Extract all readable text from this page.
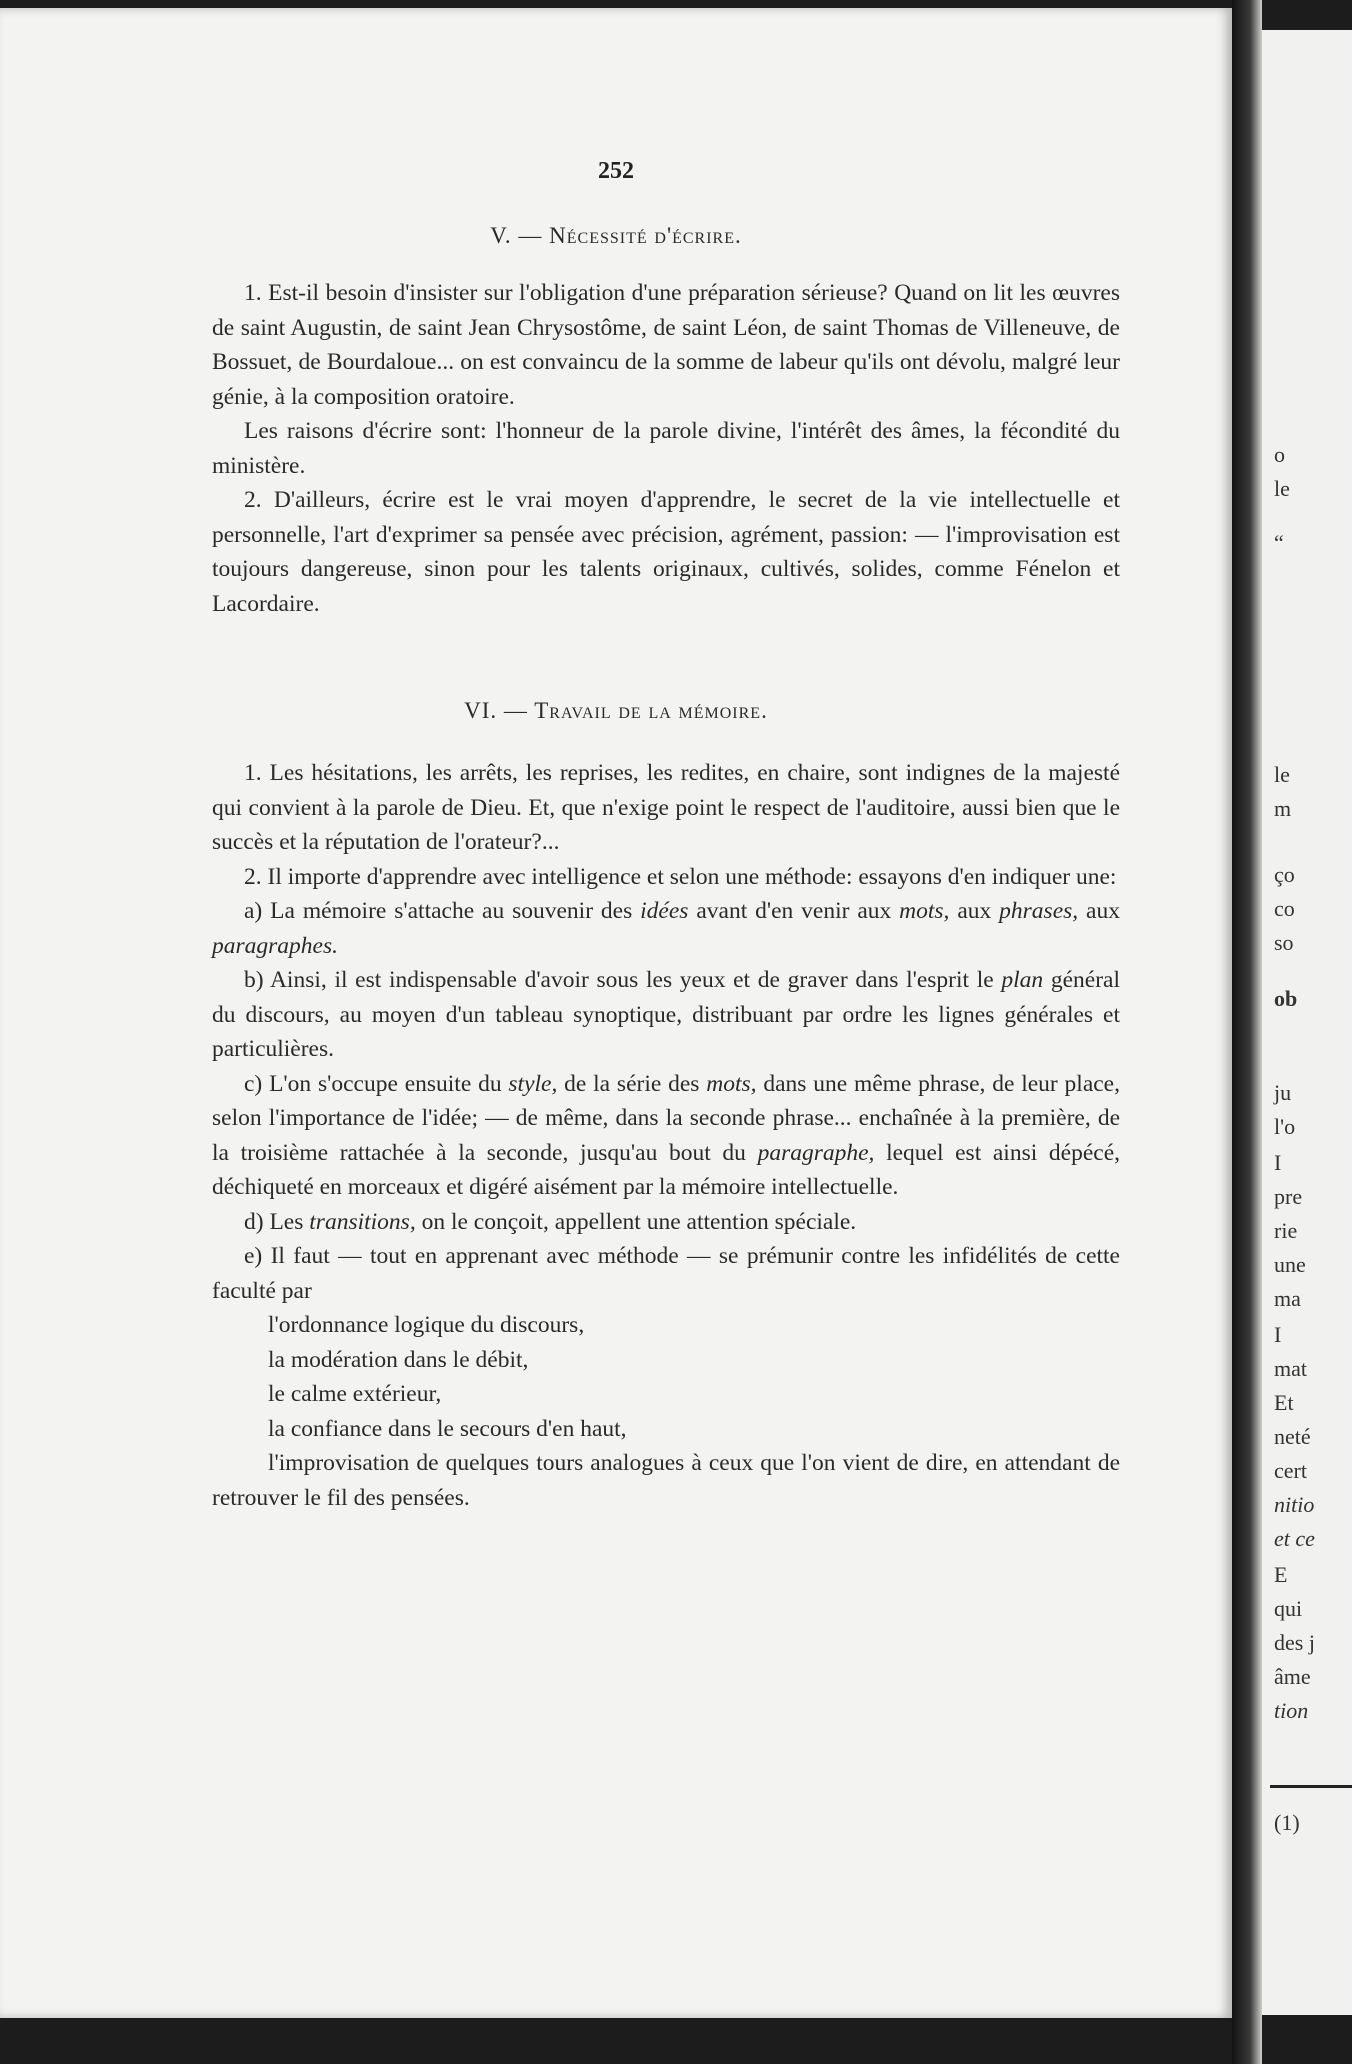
252
V. — Nécessité d'écrire.

1. Est-il besoin d'insister sur l'obligation d'une préparation sérieuse? Quand on lit les œuvres de saint Augustin, de saint Jean Chrysostôme, de saint Léon, de saint Thomas de Villeneuve, de Bossuet, de Bourdaloue... on est convaincu de la somme de labeur qu'ils ont dévolu, malgré leur génie, à la composition oratoire.

Les raisons d'écrire sont: l'honneur de la parole divine, l'intérêt des âmes, la fécondité du ministère.

2. D'ailleurs, écrire est le vrai moyen d'apprendre, le secret de la vie intellectuelle et personnelle, l'art d'exprimer sa pensée avec précision, agrément, passion: — l'improvisation est toujours dangereuse, sinon pour les talents originaux, cultivés, solides, comme Fénelon et Lacordaire.

VI. — Travail de la mémoire.

1. Les hésitations, les arrêts, les reprises, les redites, en chaire, sont indignes de la majesté qui convient à la parole de Dieu. Et, que n'exige point le respect de l'auditoire, aussi bien que le succès et la réputation de l'orateur?...

2. Il importe d'apprendre avec intelligence et selon une méthode: essayons d'en indiquer une:

a) La mémoire s'attache au souvenir des idées avant d'en venir aux mots, aux phrases, aux paragraphes.

b) Ainsi, il est indispensable d'avoir sous les yeux et de graver dans l'esprit le plan général du discours, au moyen d'un tableau synoptique, distribuant par ordre les lignes générales et particulières.

c) L'on s'occupe ensuite du style, de la série des mots, dans une même phrase, de leur place, selon l'importance de l'idée; — de même, dans la seconde phrase... enchaînée à la première, de la troisième rattachée à la seconde, jusqu'au bout du paragraphe, lequel est ainsi dépécé, déchiqueté en morceaux et digéré aisément par la mémoire intellectuelle.

d) Les transitions, on le conçoit, appellent une attention spéciale.

e) Il faut — tout en apprenant avec méthode — se prémunir contre les infidélités de cette faculté par

l'ordonnance logique du discours,

la modération dans le débit,

le calme extérieur,

la confiance dans le secours d'en haut,

l'improvisation de quelques tours analogues à ceux que l'on vient de dire, en attendant de retrouver le fil des pensées.

o
le
“
le
m
ço
co
so
ob
ju
l'o
I
pre
rie
une
ma
I
mat
Et
neté
cert
nitio
et ce
E
qui
des j
âme
tion
(1)
